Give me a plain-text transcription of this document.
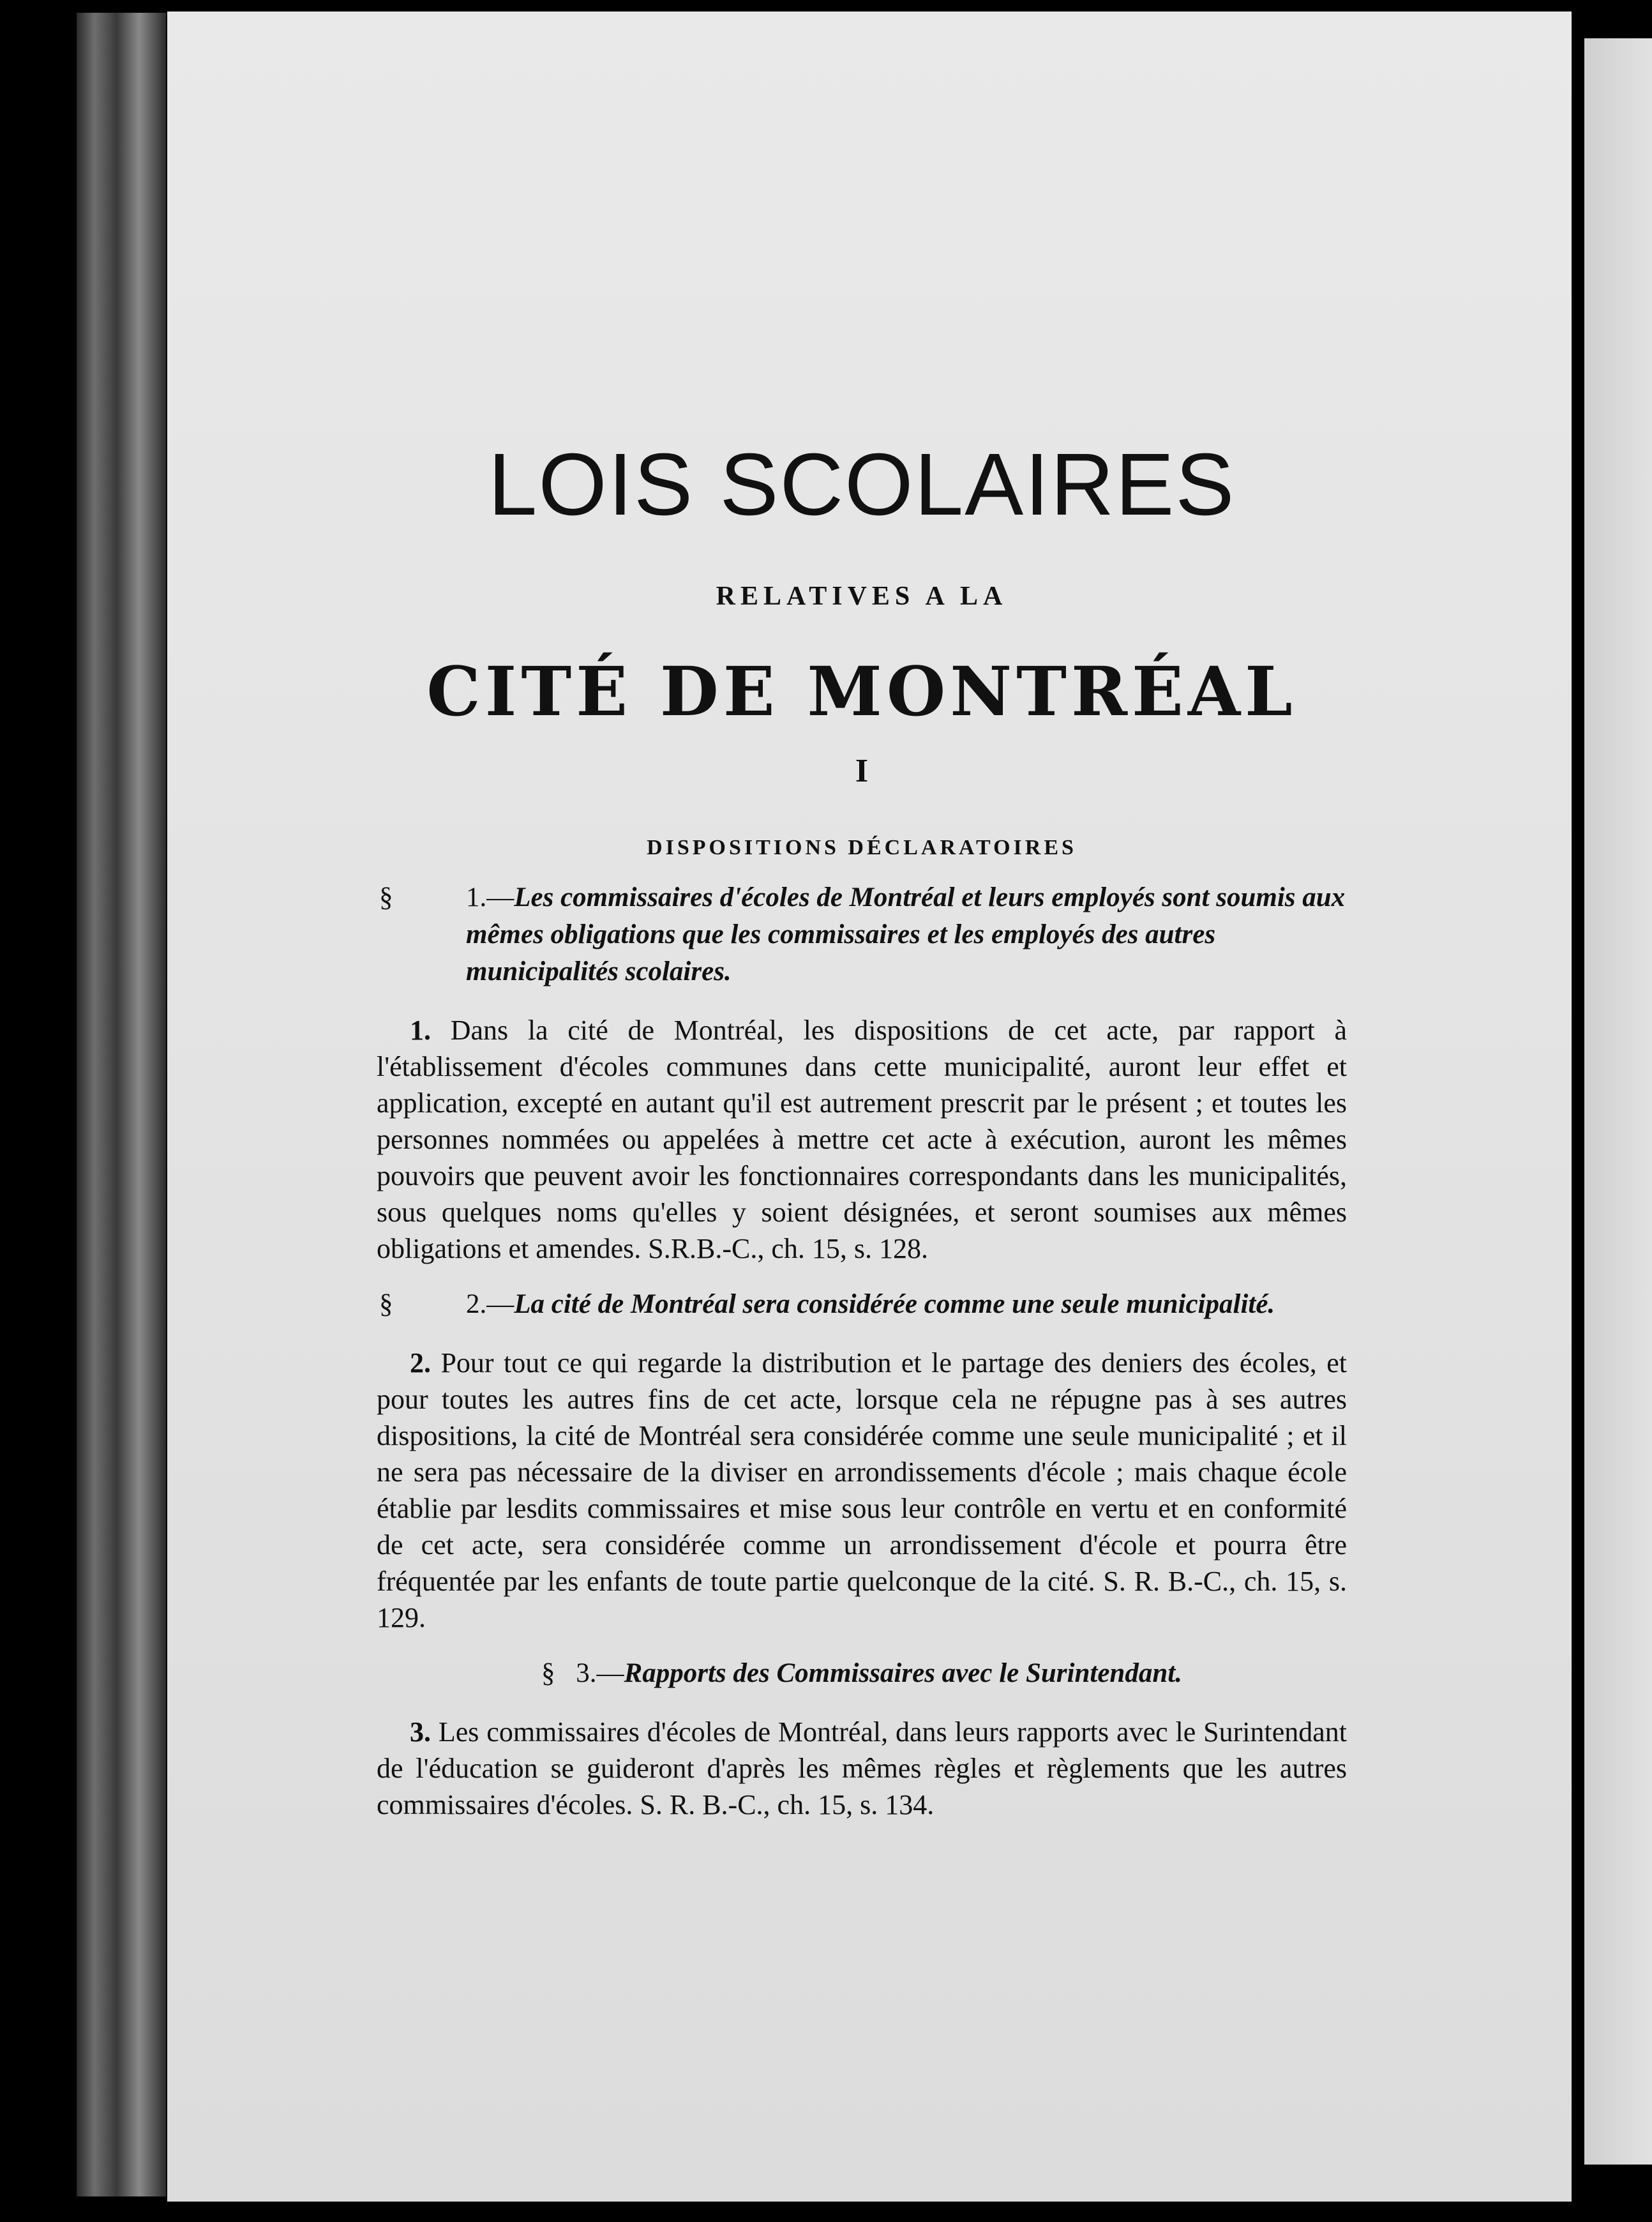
LOIS SCOLAIRES
RELATIVES A LA
CITÉ DE MONTRÉAL
I
DISPOSITIONS DÉCLARATOIRES
§	1.—Les commissaires d'écoles de Montréal et leurs employés sont soumis aux mêmes obligations que les commissaires et les employés des autres municipalités scolaires.
1. Dans la cité de Montréal, les dispositions de cet acte, par rapport à l'établissement d'écoles communes dans cette municipalité, auront leur effet et application, excepté en autant qu'il est autrement prescrit par le présent ; et toutes les personnes nommées ou appelées à mettre cet acte à exécution, auront les mêmes pouvoirs que peuvent avoir les fonctionnaires correspondants dans les municipalités, sous quelques noms qu'elles y soient désignées, et seront soumises aux mêmes obligations et amendes. S.R.B.-C., ch. 15, s. 128.
§	2.—La cité de Montréal sera considérée comme une seule municipalité.
2. Pour tout ce qui regarde la distribution et le partage des deniers des écoles, et pour toutes les autres fins de cet acte, lorsque cela ne répugne pas à ses autres dispositions, la cité de Montréal sera considérée comme une seule municipalité ; et il ne sera pas nécessaire de la diviser en arrondissements d'école ; mais chaque école établie par lesdits commissaires et mise sous leur contrôle en vertu et en conformité de cet acte, sera considérée comme un arrondissement d'école et pourra être fréquentée par les enfants de toute partie quelconque de la cité. S. R. B.-C., ch. 15, s. 129.
§ 3.—Rapports des Commissaires avec le Surintendant.
3. Les commissaires d'écoles de Montréal, dans leurs rapports avec le Surintendant de l'éducation se guideront d'après les mêmes règles et règlements que les autres commissaires d'écoles. S. R. B.-C., ch. 15, s. 134.
